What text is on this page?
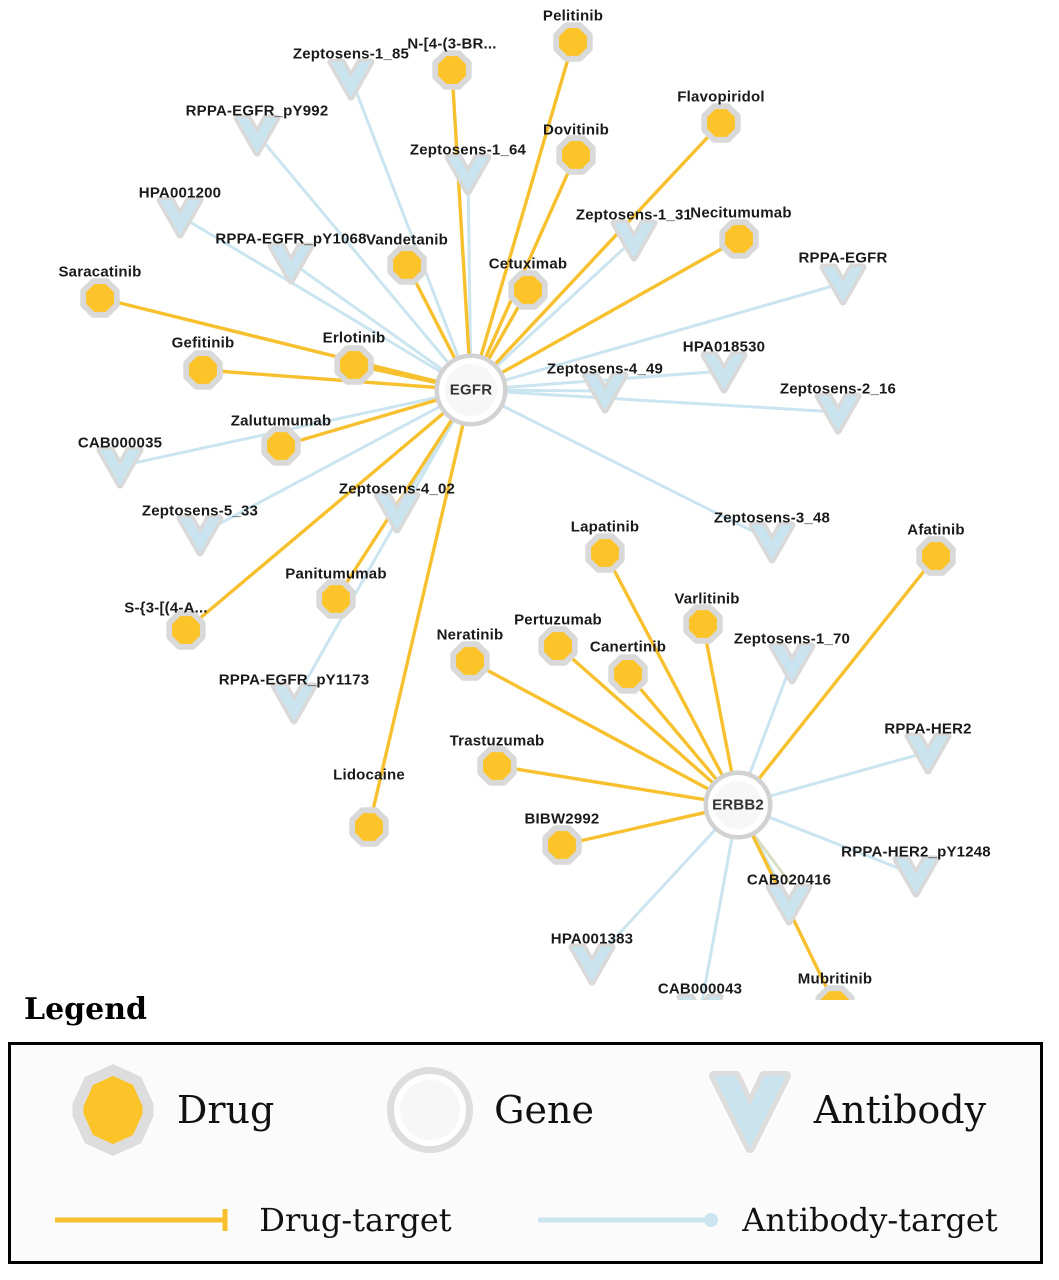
Zeptosens-1_85
RPPA-EGFR_pY992
Zeptosens-1_64
HPA001200
Zeptosens-1_31
RPPA-EGFR_pY1068
RPPA-EGFR
HPA018530
Zeptosens-4_49
Zeptosens-2_16
CAB000035
Zeptosens-5_33
Zeptosens-4_02
Zeptosens-3_48
RPPA-EGFR_pY1173
Zeptosens-1_70
RPPA-HER2
RPPA-HER2_pY1248
CAB020416
HPA001383
CAB000043
Pelitinib
N-[4-(3-BR...
Dovitinib
Flavopiridol
Necitumumab
Vandetanib
Cetuximab
Saracatinib
Gefitinib	Erlotinib
Zalutumumab
Panitumumab
S-{3-[(4-A...
Lidocaine
Lapatinib
Varlitinib
Afatinib
Neratinib
Pertuzumab
Canertinib
Trastuzumab
BIBW2992
Mubritinib
EGFR
ERBB2
Legend
Drug	Gene	Antibody
Drug-target	Antibody-target
